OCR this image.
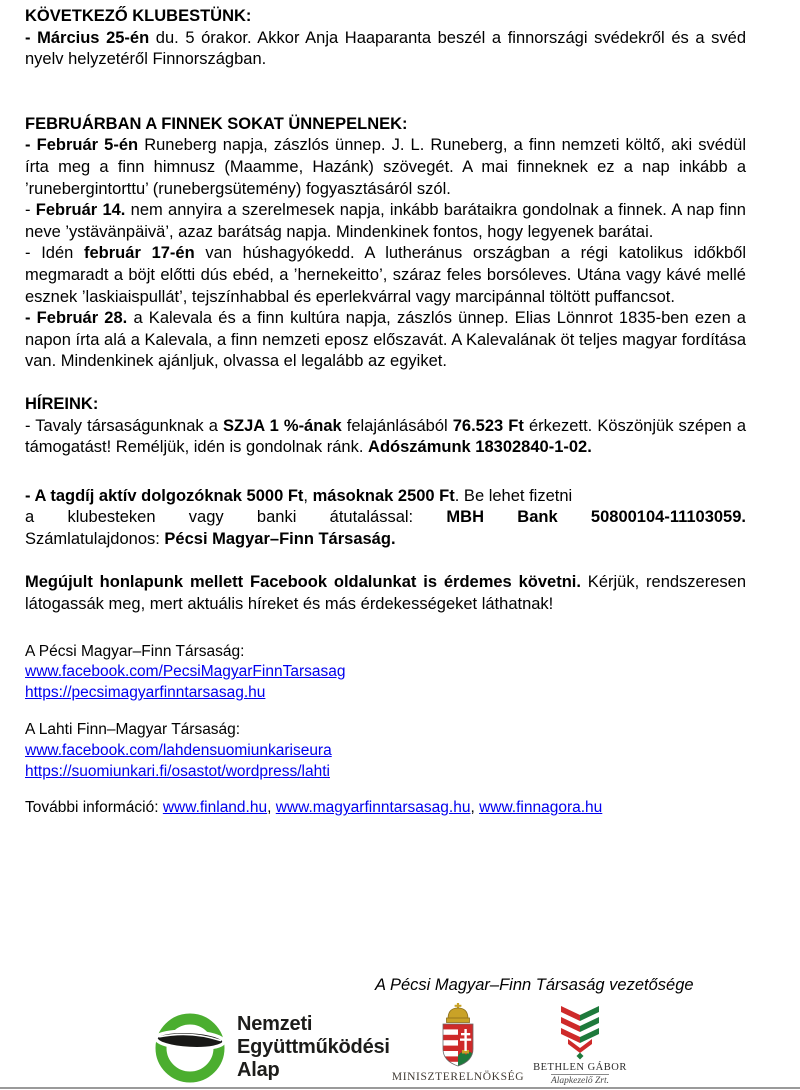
KÖVETKEZŐ KLUBESTÜNK:

- Március 25-én du. 5 órakor. Akkor Anja Haaparanta beszél a finnországi svédekről és a svéd nyelv helyzetéről Finnországban.

FEBRUÁRBAN A FINNEK SOKAT ÜNNEPELNEK:

- Február 5-én Runeberg napja, zászlós ünnep. J. L. Runeberg, a finn nemzeti költő, aki svédül írta meg a finn himnusz (Maamme, Hazánk) szövegét. A mai finneknek ez a nap inkább a ’runebergintorttu’ (runebergsütemény) fogyasztásáról szól.

- Február 14. nem annyira a szerelmesek napja, inkább barátaikra gondolnak a finnek. A nap finn neve ’ystävänpäivä’, azaz barátság napja. Mindenkinek fontos, hogy legyenek barátai.

- Idén február 17-én van húshagyókedd. A lutheránus országban a régi katolikus időkből megmaradt a böjt előtti dús ebéd, a ’hernekeitto’, száraz feles borsóleves. Utána vagy kávé mellé esznek ’laskiaispullát’, tejszínhabbal és eperlekvárral vagy marcipánnal töltött puffancsot.

- Február 28. a Kalevala és a finn kultúra napja, zászlós ünnep. Elias Lönnrot 1835-ben ezen a napon írta alá a Kalevala, a finn nemzeti eposz előszavát. A Kalevalának öt teljes magyar fordítása van. Mindenkinek ajánljuk, olvassa el legalább az egyiket.

HÍREINK:

- Tavaly társaságunknak a SZJA 1 %-ának felajánlásából 76.523 Ft érkezett. Köszönjük szépen a támogatást! Reméljük, idén is gondolnak ránk. Adószámunk 18302840-1-02.

- A tagdíj aktív dolgozóknak 5000 Ft, másoknak 2500 Ft. Be lehet fizetni

a klubesteken vagy banki átutalással: MBH Bank 50800104-11103059.

Számlatulajdonos: Pécsi Magyar–Finn Társaság.

Megújult honlapunk mellett Facebook oldalunkat is érdemes követni. Kérjük, rendszeresen látogassák meg, mert aktuális híreket és más érdekességeket láthatnak!

A Pécsi Magyar–Finn Társaság:

www.facebook.com/PecsiMagyarFinnTarsasag
https://pecsimagyarfinntarsasag.hu

A Lahti Finn–Magyar Társaság:

www.facebook.com/lahdensuomiunkariseura
https://suomiunkari.fi/osastot/wordpress/lahti

További információ: www.finland.hu, www.magyarfinntarsasag.hu, www.finnagora.hu

A Pécsi Magyar–Finn Társaság vezetősége
Nemzeti
Együttműködési
Alap	MINISZTERELNÖKSÉG
BETHLEN GÁBOR
Alapkezelő Zrt.
